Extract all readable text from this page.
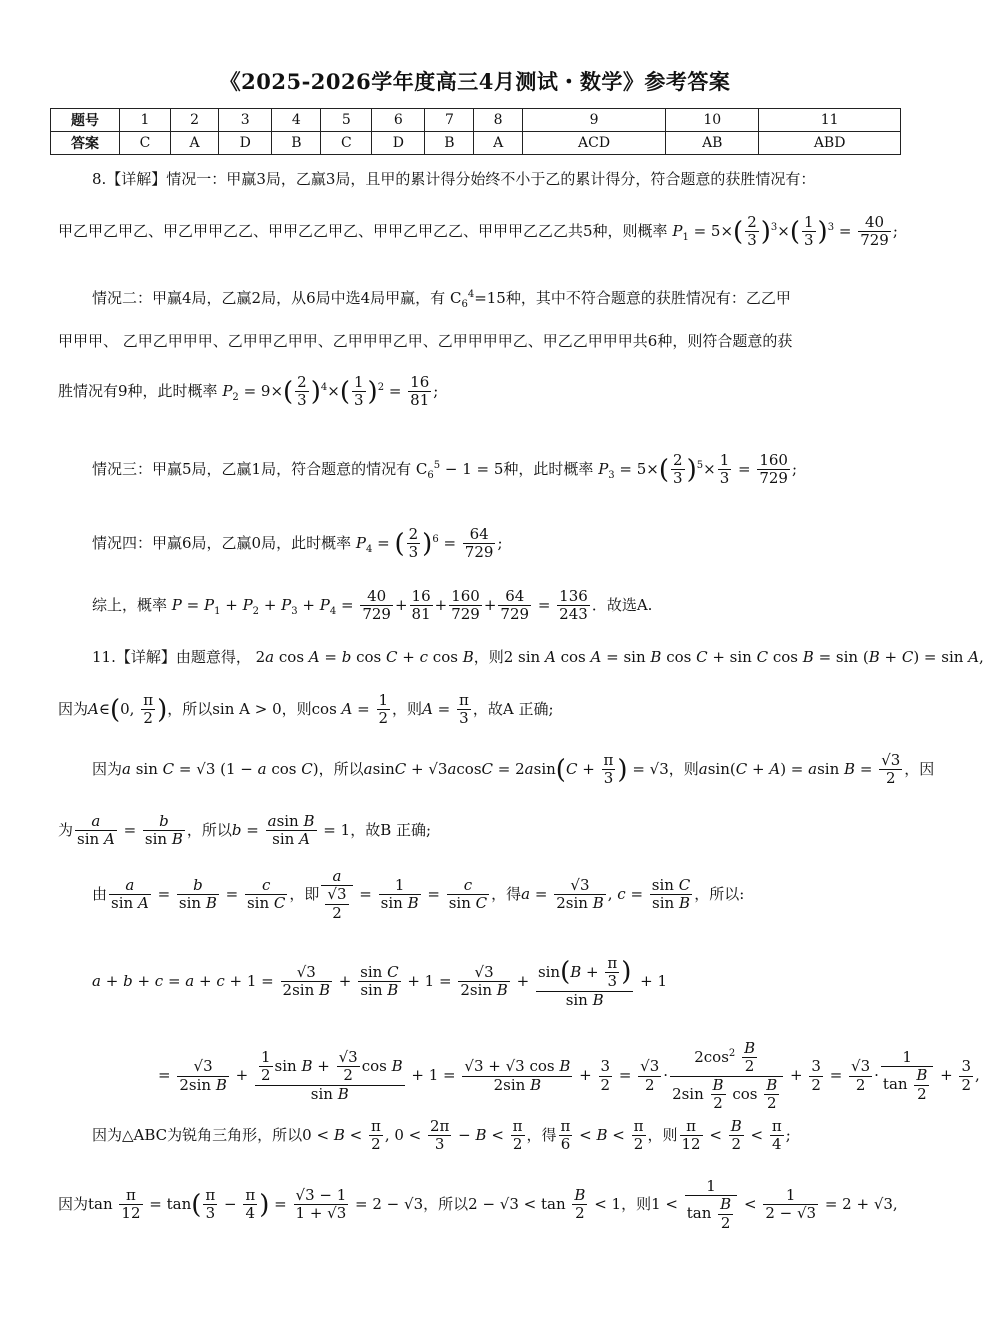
《2025-2026学年度高三4月测试・数学》参考答案
题号	1	2	3	4	5	6	7	8	9	10	11
答案	C	A	D	B	C	D	B	A	ACD	AB	ABD
8.【详解】情况一：甲赢3局，乙赢3局，且甲的累计得分始终不小于乙的累计得分，符合题意的获胜情况有：
甲乙甲乙甲乙、甲乙甲甲乙乙、甲甲乙乙甲乙、甲甲乙甲乙乙、甲甲甲乙乙乙共5种，则概率 $P_1 = 5\times( \frac{2}{3} )^3\times( \frac{1}{3} )^3 = \frac{40}{729}$ ;
情况二：甲赢4局，乙赢2局，从6局中选4局甲赢，有 $C_6^4=15$种，其中不符合题意的获胜情况有：乙乙甲
甲甲甲、 乙甲乙甲甲甲、乙甲甲乙甲甲、乙甲甲甲乙甲、乙甲甲甲甲乙、甲乙乙甲甲甲共6种，则符合题意的获
胜情况有9种，此时概率 $P_2 = 9\times( \frac{2}{3} )^4\times( \frac{1}{3} )^2 = \frac{16}{81}$ ;
情况三：甲赢5局，乙赢1局，符合题意的情况有 $C_6^5 - 1 = 5$种，此时概率 $P_3 = 5\times( \frac{2}{3} )^5\times \frac{1}{3} = \frac{160}{729}$ ;
情况四：甲赢6局，乙赢0局，此时概率 $P_4$ = ( $\frac{2}{3} )^6 = \frac{64}{729}$ ;
综上，概率 $P = P_1 + P_2 + P_3 + P_4 = \frac{40}{729} + \frac{16}{81} + \frac{160}{729} + \frac{64}{729} = \frac{136}{243}$ ．故选A.
11.【详解】由题意得， 2a cos A = b cos C + c cos B，则2 sin A cos A = sin B cos C + sin C cos B = sin (B + C) = sin A,
因为A∈(0, $\frac{\pi}{2}$ )，所以sin A > 0，则$\cos A = \frac{1}{2}$ ，则$A = \frac{\pi}{3}$ ，故A 正确;
因为a sin C = √3 (1 − a cos C)，所以$asinC + √3acosC = 2asin(C + \frac{\pi}{3}$ ) = √3，则asin(C + A) = asin $B = \frac{√3}{2}$ ，因
为 $\frac{a}{\text{sin A}} = \frac{b}{\text{sin B}}$ ，所以$b = \frac{\text{asin B}}{\text{sin A}} = 1$，故B 正确;
由 $\frac{a}{\text{sin A}} = \frac{b}{\text{sin B}} = \frac{c}{\text{sin C}}$ ，即 $\frac{a}{\frac{√3}{2}} = \frac{1}{\text{sin B}} = \frac{c}{\text{sin C}}$ ，得$a = \frac{√3}{\text{2sin B}}$ , $c = \frac{\text{sin C}}{\text{sin B}}$ ，所以:
$a + b + c = a + c + 1 = \frac{√3}{\text{2sin B}} + \frac{\text{sin C}}{\text{sin B}} + 1 = \frac{√3}{\text{2sin B}} + \frac{\sin(B + \frac{\pi}{3} )}{\text{sin B}} + 1$
= $\frac{√3}{\text{2sin B}} + \frac{\frac{1}{2} \sin B + \frac{√3}{2} \cos B}{\text{sin B}} + 1 = \frac{\text{√3 + √3 cos B}}{\text{2sin B}} + \frac{3}{2} = \frac{√3}{2} \cdot \frac{2\cos^2 \frac{B}{2}}{2\sin \frac{B}{2} \cos \frac{B}{2}} + \frac{3}{2} = \frac{√3}{2} \cdot \frac{1}{\tan \frac{B}{2}} + \frac{3}{2}$ ,
因为△ABC为锐角三角形，所以$0 < B < \frac{\pi}{2}$ , $0 < \frac{2\pi}{3} - B < \frac{\pi}{2}$ ，得 $\frac{\pi}{6} < B < \frac{\pi}{2}$ ，则 $\frac{\pi}{12} < \frac{B}{2} < \frac{\pi}{4}$ ;
因为$\tan \frac{\pi}{12} = \tan( \frac{\pi}{3} - \frac{\pi}{4}$ ) = $\frac{√3 - 1}{1 + √3} = 2 - √3$，所以$2 - √3 < \tan \frac{B}{2} < 1$，则$1 < \frac{1}{\tan \frac{B}{2}} < \frac{1}{2 - √3} = 2 + √3$,
